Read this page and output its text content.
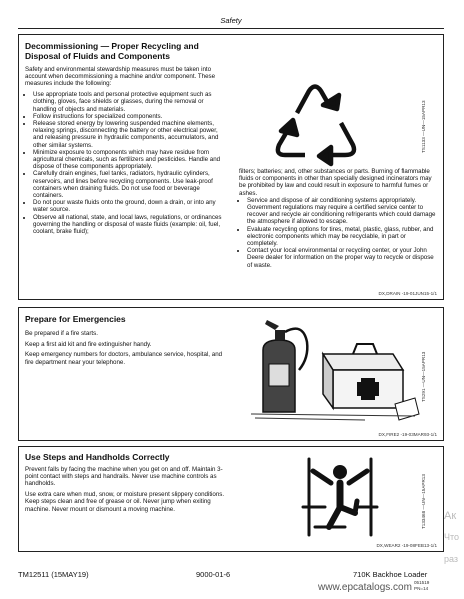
Safety
Decommissioning — Proper Recycling and Disposal of Fluids and Components

Safety and environmental stewardship measures must be taken into account when decommissioning a machine and/or component. These measures include the following:

• Use appropriate tools and personal protective equipment such as clothing, gloves, face shields or glasses, during the removal or handling of objects and materials.
• Follow instructions for specialized components.
• Release stored energy by lowering suspended machine elements, relaxing springs, disconnecting the battery or other electrical power, and releasing pressure in hydraulic components, accumulators, and other similar systems.
• Minimize exposure to components which may have residue from agricultural chemicals, such as fertilizers and pesticides. Handle and dispose of these components appropriately.
• Carefully drain engines, fuel tanks, radiators, hydraulic cylinders, reservoirs, and lines before recycling components. Use leak-proof containers when draining fluids. Do not use food or beverage containers.
• Do not pour waste fluids onto the ground, down a drain, or into any water source.
• Observe all national, state, and local laws, regulations, or ordinances governing the handling or disposal of waste fluids (example: oil, fuel, coolant, brake fluid);
TS1133 —UN—15APR13

filters; batteries; and, other substances or parts. Burning of flammable fluids or components in other than specially designed incinerators may be prohibited by law and could result in exposure to harmful fumes or ashes.

• Service and dispose of air conditioning systems appropriately. Government regulations may require a certified service center to recover and recycle air conditioning refrigerants which could damage the atmosphere if allowed to escape.
• Evaluate recycling options for tires, metal, plastic, glass, rubber, and electronic components which may be recyclable, in part or completely.
• Contact your local environmental or recycling center, or your John Deere dealer for information on the proper way to recycle or dispose of waste.
DX,DRAIN -19-01JUN15-1/1
Prepare for Emergencies

Be prepared if a fire starts.

Keep a first aid kit and fire extinguisher handy.

Keep emergency numbers for doctors, ambulance service, hospital, and fire department near your telephone.	TS291 —UN—15APR13
DX,FIRE2 -19-03MAR93-1/1
Use Steps and Handholds Correctly

Prevent falls by facing the machine when you get on and off. Maintain 3-point contact with steps and handrails. Never use machine controls as handholds.

Use extra care when mud, snow, or moisture present slippery conditions. Keep steps clean and free of grease or oil. Never jump when exiting machine. Never mount or dismount a moving machine.	T133468 —UN—15APR13
DX,WEAR2 -19-08FEB13-1/1
TM12511 (15MAY19)	9000-01-6	710K Backhoe Loader
051519
PN=14
www.epcatalogs.com
Ак
Что
раз
